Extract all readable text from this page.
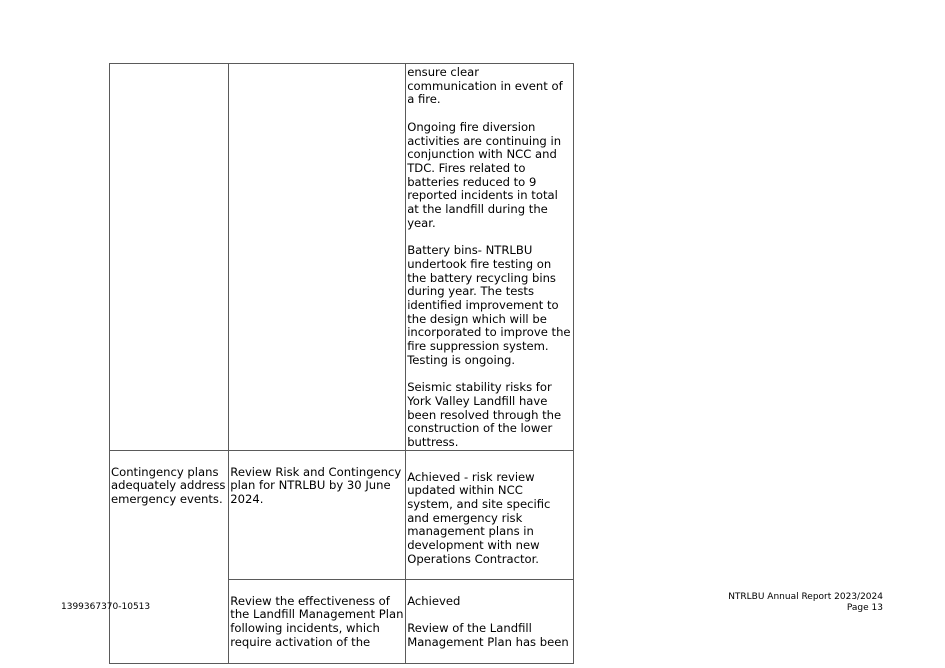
		ensure clear communication in event of a fire.

Ongoing fire diversion activities are continuing in conjunction with NCC and TDC. Fires related to batteries reduced to 9 reported incidents in total at the landfill during the year.

Battery bins- NTRLBU undertook fire testing on the battery recycling bins during year. The tests identified improvement to the design which will be incorporated to improve the fire suppression system. Testing is ongoing.

Seismic stability risks for York Valley Landfill have been resolved through the construction of the lower buttress.

Contingency plans adequately address emergency events.	Review Risk and Contingency plan for NTRLBU by 30 June 2024.	Achieved - risk review updated within NCC system, and site specific and emergency risk management plans in development with new Operations Contractor.
	Review the effectiveness of the Landfill Management Plan following incidents, which require activation of the	Achieved

Review of the Landfill Management Plan has been

1399367370-10513
NTRLBU Annual Report 2023/2024
Page 13
